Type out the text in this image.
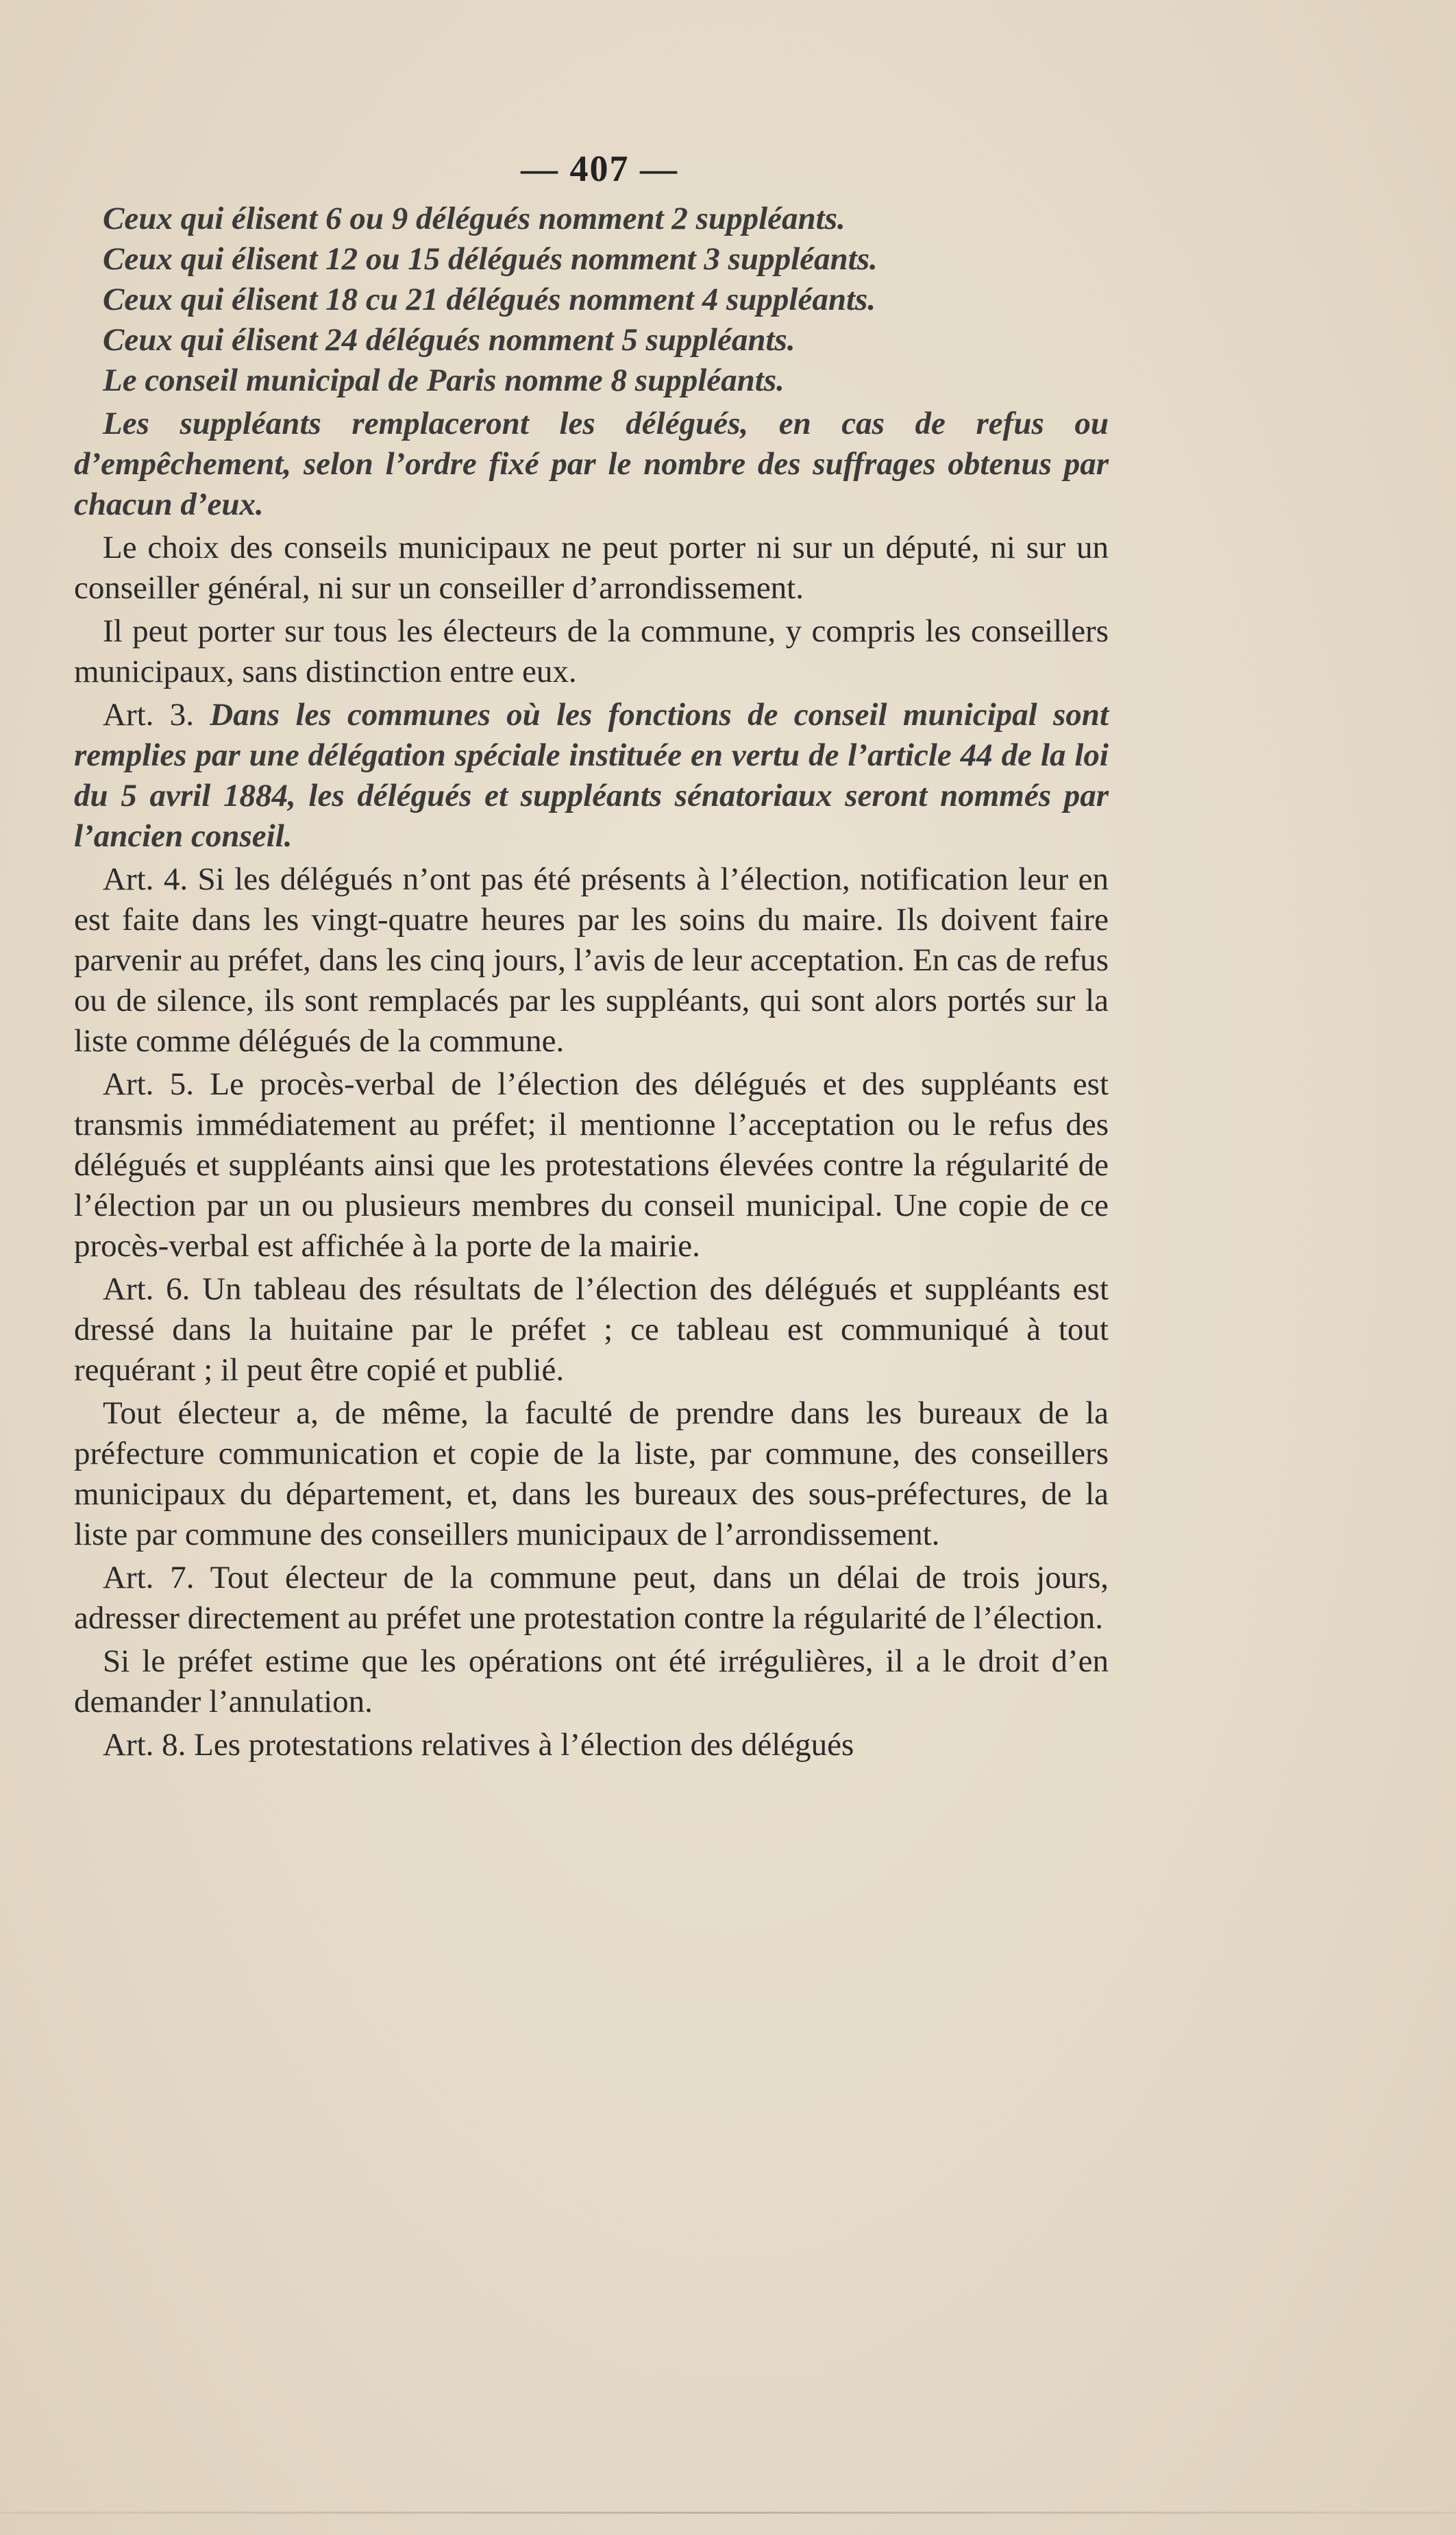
— 407 —

Ceux qui élisent 6 ou 9 délégués nomment 2 suppléants.

Ceux qui élisent 12 ou 15 délégués nomment 3 suppléants.

Ceux qui élisent 18 cu 21 délégués nomment 4 suppléants.

Ceux qui élisent 24 délégués nomment 5 suppléants.

Le conseil municipal de Paris nomme 8 suppléants.

Les suppléants remplaceront les délégués, en cas de refus ou d’empêchement, selon l’ordre fixé par le nombre des suffrages obtenus par chacun d’eux.

Le choix des conseils municipaux ne peut porter ni sur un député, ni sur un conseiller général, ni sur un conseiller d’arrondissement.

Il peut porter sur tous les électeurs de la commune, y compris les conseillers municipaux, sans distinction entre eux.

Art. 3. Dans les communes où les fonctions de conseil municipal sont remplies par une délégation spéciale instituée en vertu de l’article 44 de la loi du 5 avril 1884, les délégués et suppléants sénatoriaux seront nommés par l’ancien conseil.

Art. 4. Si les délégués n’ont pas été présents à l’élection, notification leur en est faite dans les vingt-quatre heures par les soins du maire. Ils doivent faire parvenir au préfet, dans les cinq jours, l’avis de leur acceptation. En cas de refus ou de silence, ils sont remplacés par les suppléants, qui sont alors portés sur la liste comme délégués de la commune.

Art. 5. Le procès-verbal de l’élection des délégués et des suppléants est transmis immédiatement au préfet; il mentionne l’acceptation ou le refus des délégués et suppléants ainsi que les protestations élevées contre la régularité de l’élection par un ou plusieurs membres du conseil municipal. Une copie de ce procès-verbal est affichée à la porte de la mairie.

Art. 6. Un tableau des résultats de l’élection des délégués et suppléants est dressé dans la huitaine par le préfet ; ce tableau est communiqué à tout requérant ; il peut être copié et publié.

Tout électeur a, de même, la faculté de prendre dans les bureaux de la préfecture communication et copie de la liste, par commune, des conseillers municipaux du département, et, dans les bureaux des sous-préfectures, de la liste par commune des conseillers municipaux de l’arrondissement.

Art. 7. Tout électeur de la commune peut, dans un délai de trois jours, adresser directement au préfet une protestation contre la régularité de l’élection.

Si le préfet estime que les opérations ont été irrégulières, il a le droit d’en demander l’annulation.

Art. 8. Les protestations relatives à l’élection des délégués
